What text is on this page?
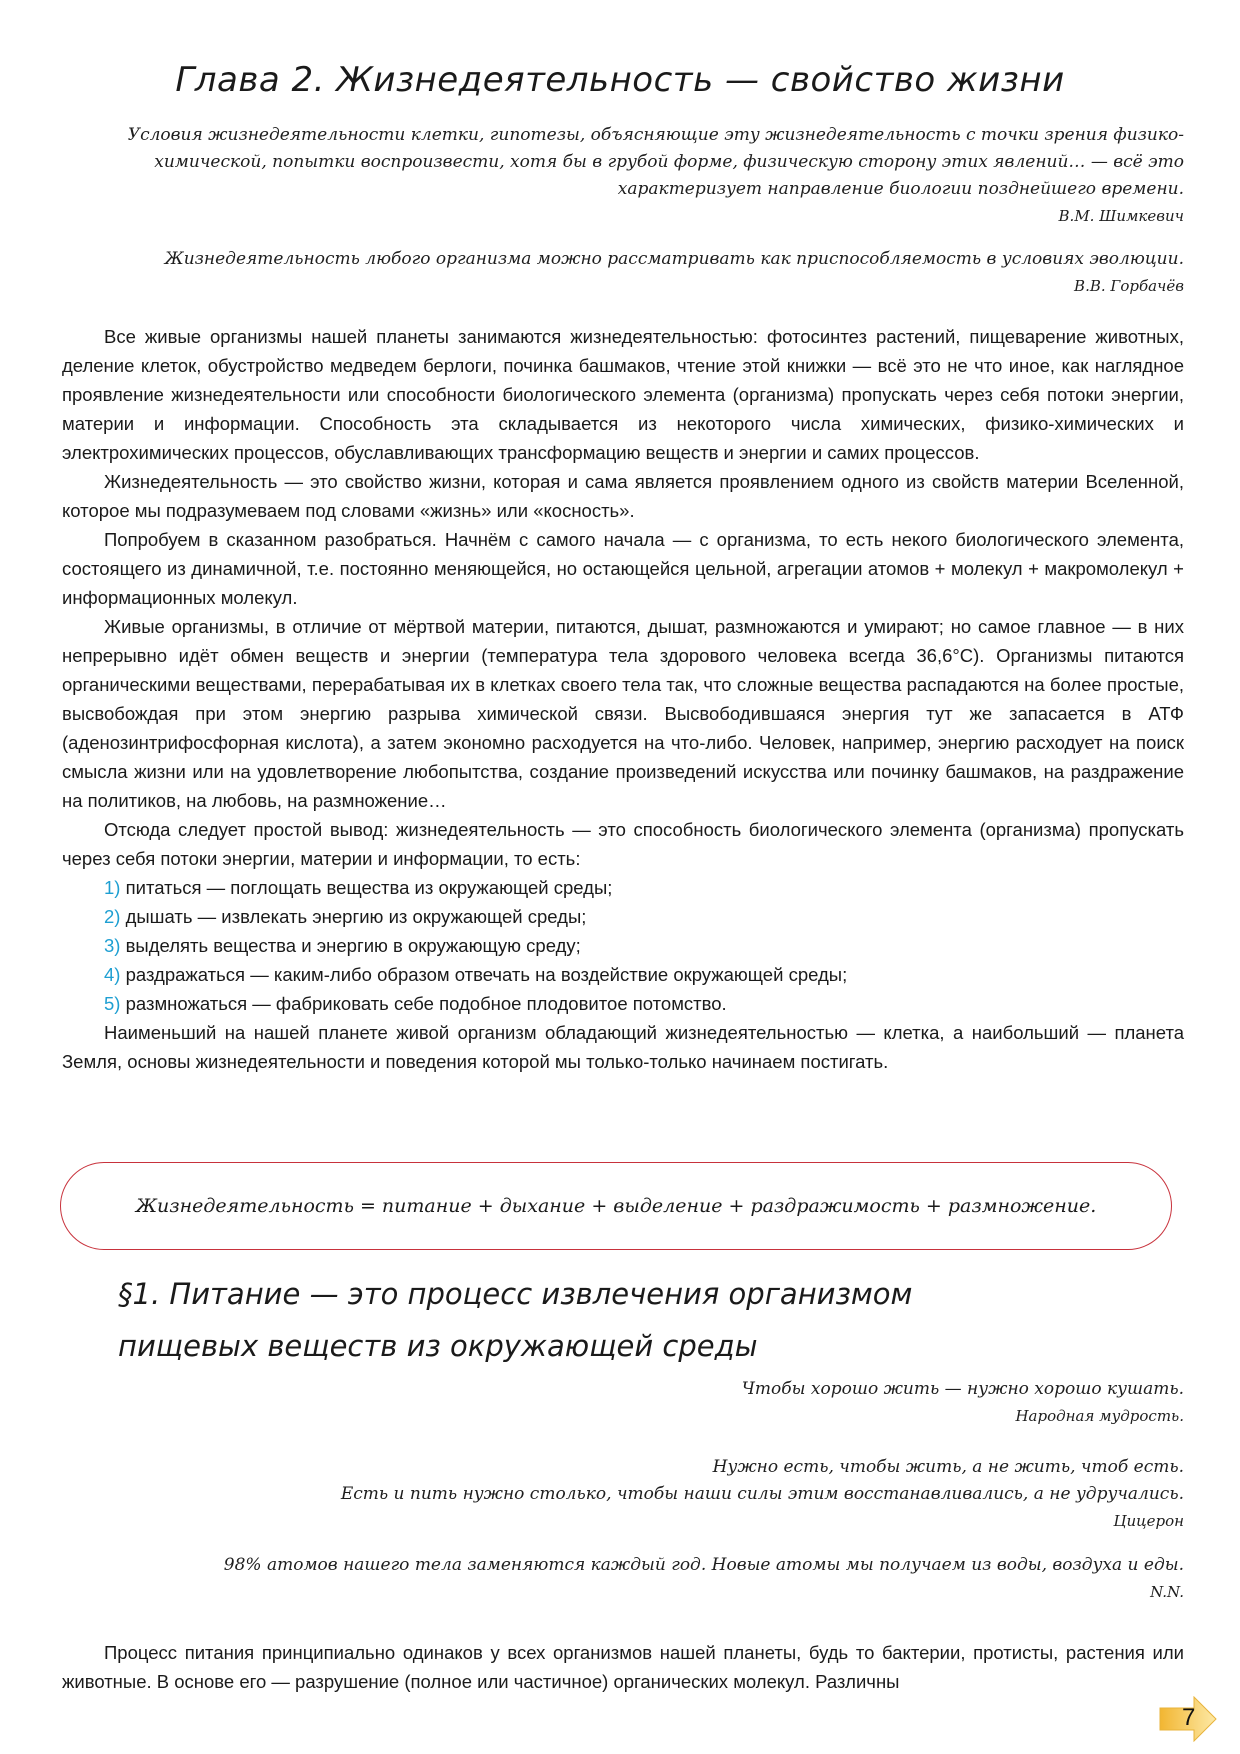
Глава 2. Жизнедеятельность — свойство жизни
Условия жизнедеятельности клетки, гипотезы, объясняющие эту жизнедеятельность с точки зрения физико-
химической, попытки воспроизвести, хотя бы в грубой форме, физическую сторону этих явлений… — всё это
характеризует направление биологии позднейшего времени.
В.М. Шимкевич
Жизнедеятельность любого организма можно рассматривать как приспособляемость в условиях эволюции.
В.В. Горбачёв

Все живые организмы нашей планеты занимаются жизнедеятельностью: фотосинтез растений, пищеварение животных, деление клеток, обустройство медведем берлоги, починка башмаков, чтение этой книжки — всё это не что иное, как наглядное проявление жизнедеятельности или способности биологического элемента (организма) пропускать через себя потоки энергии, материи и информации. Способность эта складывается из некоторого числа химических, физико-химических и электрохимических процессов, обуславливающих трансформацию веществ и энергии и самих процессов.

Жизнедеятельность — это свойство жизни, которая и сама является проявлением одного из свойств материи Вселенной, которое мы подразумеваем под словами «жизнь» или «косность».

Попробуем в сказанном разобраться. Начнём с самого начала — с организма, то есть некого биологического элемента, состоящего из динамичной, т.е. постоянно меняющейся, но остающейся цельной, агрегации атомов + молекул + макромолекул + информационных молекул.

Живые организмы, в отличие от мёртвой материи, питаются, дышат, размножаются и умирают; но самое главное — в них непрерывно идёт обмен веществ и энергии (температура тела здорового человека всегда 36,6°С). Организмы питаются органическими веществами, перерабатывая их в клетках своего тела так, что сложные вещества распадаются на более простые, высвобождая при этом энергию разрыва химической связи. Высвободившаяся энергия тут же запасается в АТФ (аденозинтрифосфорная кислота), а затем экономно расходуется на что-либо. Человек, например, энергию расходует на поиск смысла жизни или на удовлетворение любопытства, создание произведений искусства или починку башмаков, на раздражение на политиков, на любовь, на размножение…

Отсюда следует простой вывод: жизнедеятельность — это способность биологического элемента (организма) пропускать через себя потоки энергии, материи и информации, то есть:

1) питаться — поглощать вещества из окружающей среды;
2) дышать — извлекать энергию из окружающей среды;
3) выделять вещества и энергию в окружающую среду;
4) раздражаться — каким-либо образом отвечать на воздействие окружающей среды;
5) размножаться — фабриковать себе подобное плодовитое потомство.

Наименьший на нашей планете живой организм обладающий жизнедеятельностью — клетка, а наибольший — планета Земля, основы жизнедеятельности и поведения которой мы только-только начинаем постигать.

Жизнедеятельность = питание + дыхание + выделение + раздражимость + размножение.
§1. Питание — это процесс извлечения организмом
пищевых веществ из окружающей среды
Чтобы хорошо жить — нужно хорошо кушать.
Народная мудрость.
Нужно есть, чтобы жить, а не жить, чтоб есть.
Есть и пить нужно столько, чтобы наши силы этим восстанавливались, а не удручались.
Цицерон
98% атомов нашего тела заменяются каждый год. Новые атомы мы получаем из воды, воздуха и еды.
N.N.

Процесс питания принципиально одинаков у всех организмов нашей планеты, будь то бактерии, протисты, растения или животные. В основе его — разрушение (полное или частичное) органических молекул. Различны

7
